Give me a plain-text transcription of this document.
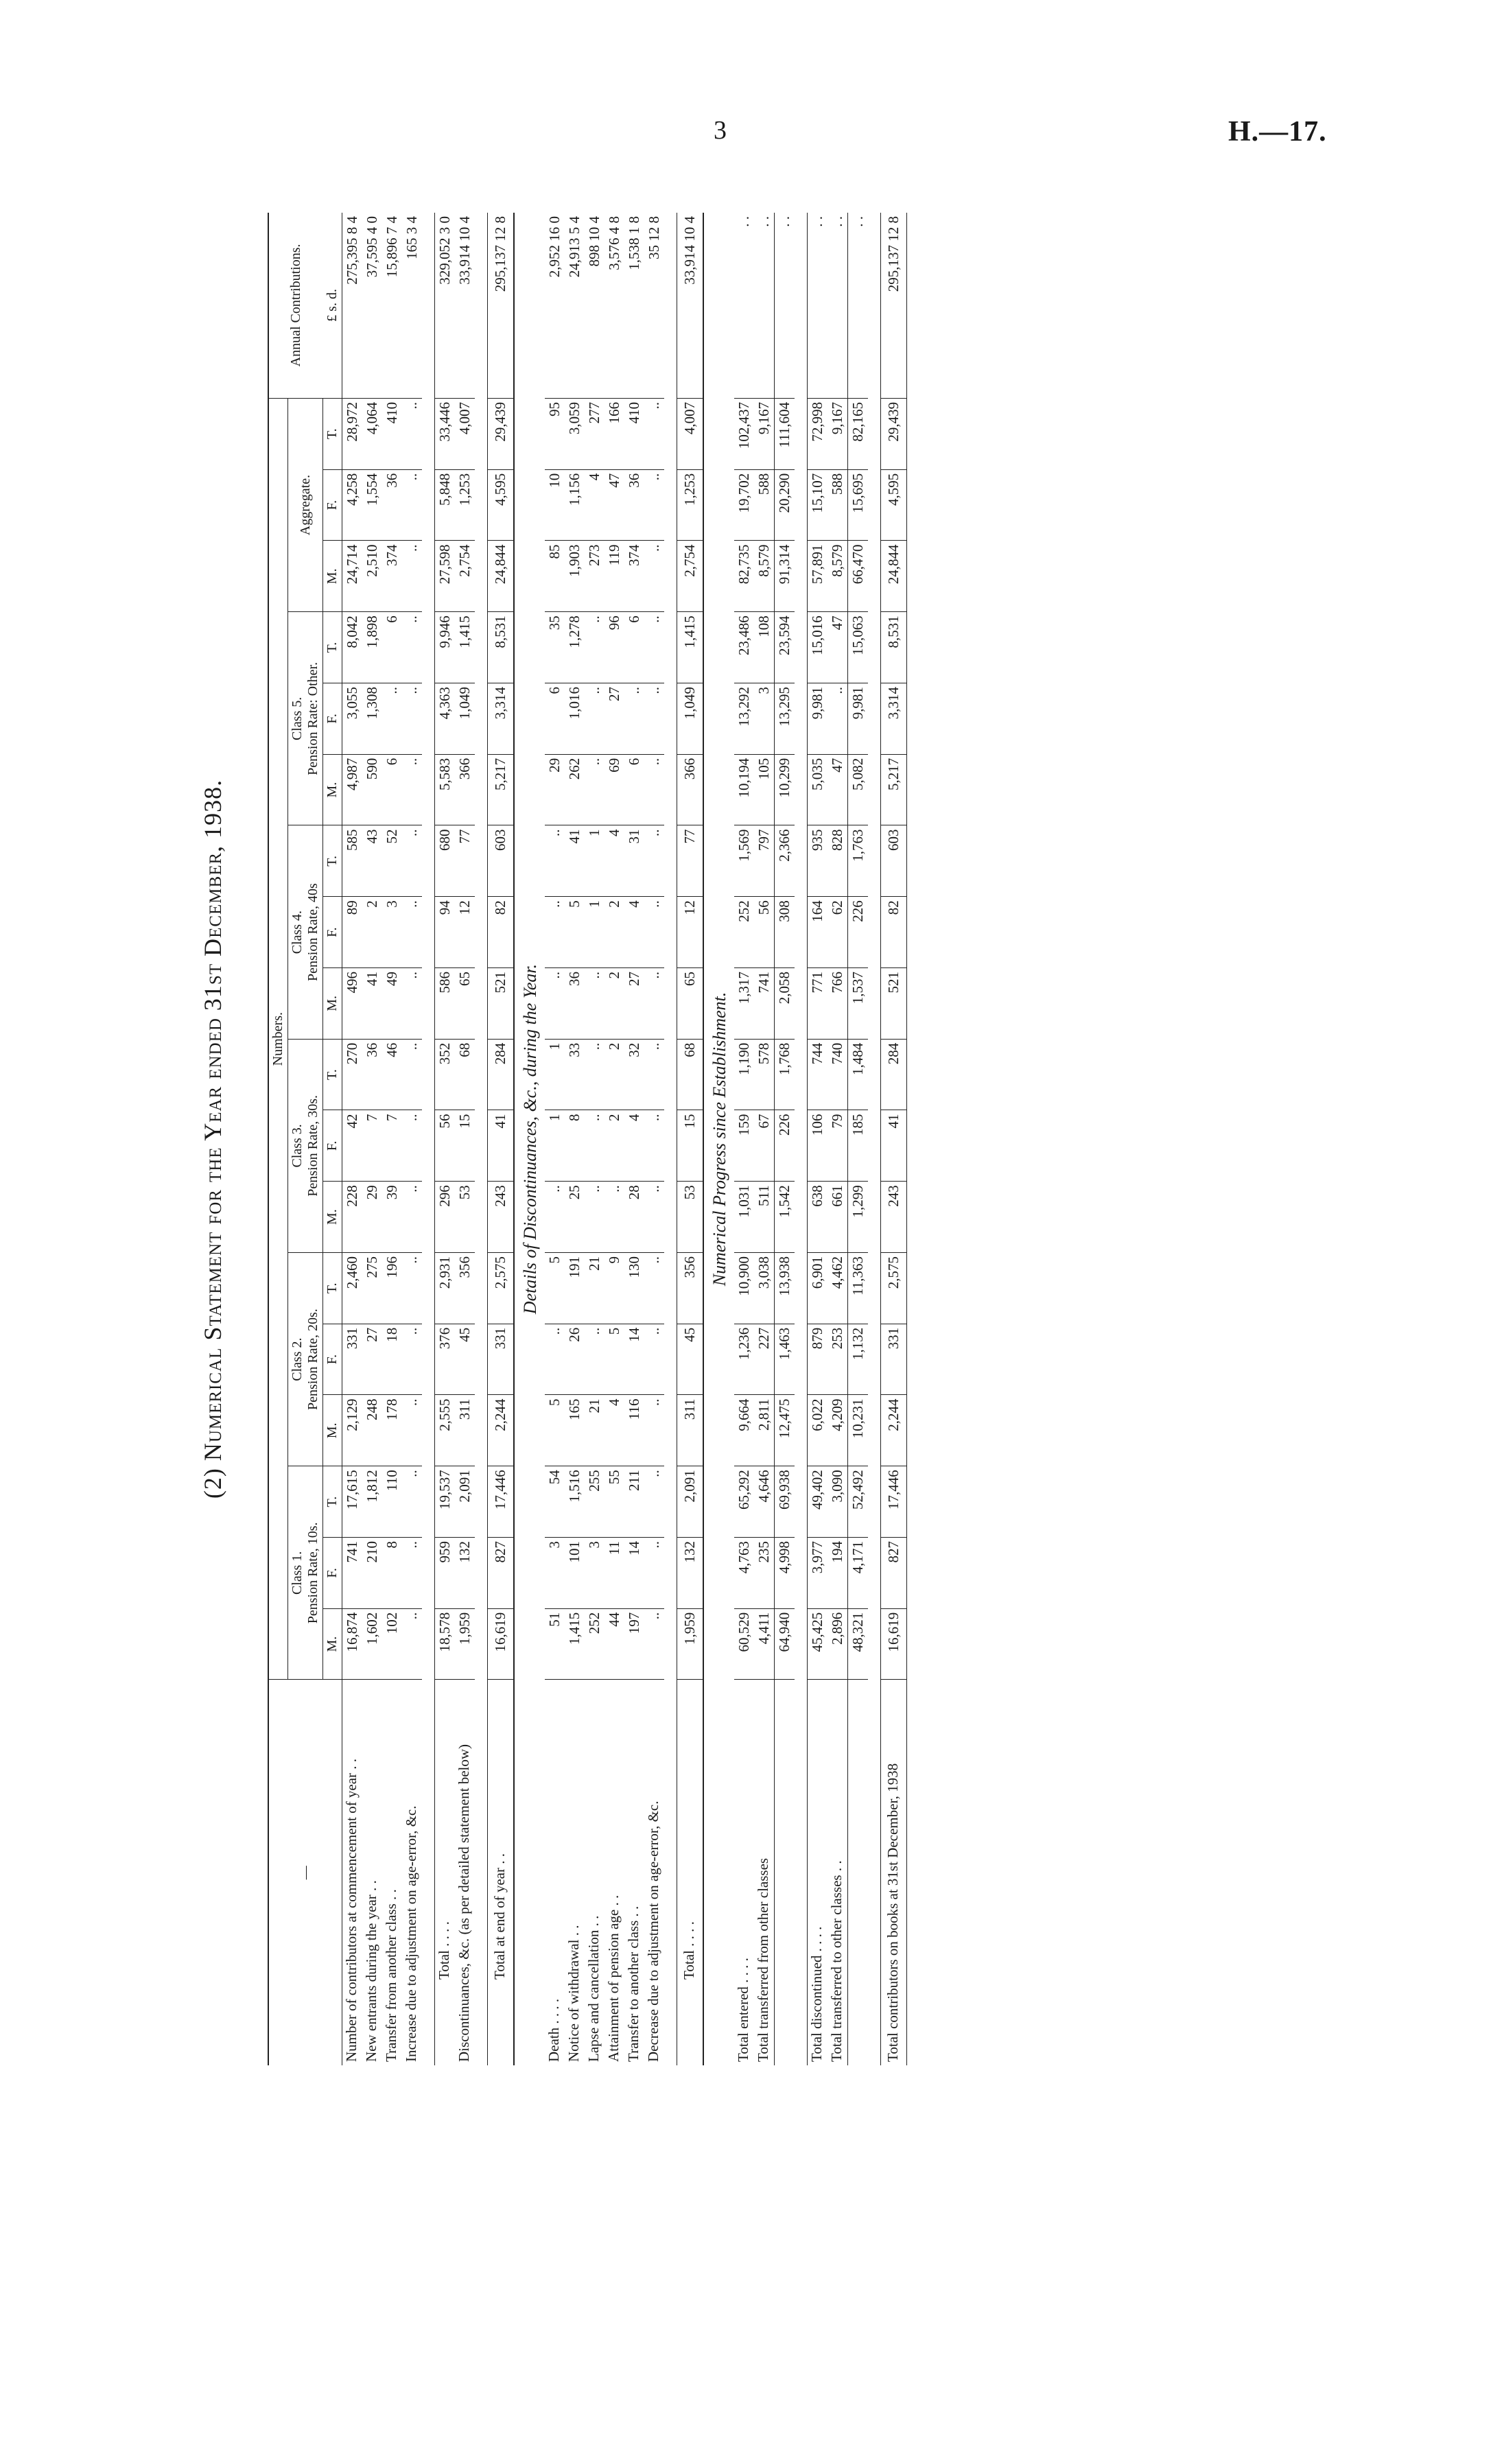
3	H.—17.
(2) Numerical Statement for the Year ended 31st December, 1938.
—	Numbers.																		Annual Contributions.
	Class 1.
Pension Rate, 10s.			Class 2.
Pension Rate, 20s.			Class 3.
Pension Rate, 30s.			Class 4.
Pension Rate, 40s			Class 5.
Pension Rate: Other.			Aggregate.			
	M.	F.	T.	M.	F.	T.	M.	F.	T.	M.	F.	T.	M.	F.	T.	M.	F.	T.	£ s. d.
Number of contributors at commencement of year . .	16,874	741	17,615	2,129	331	2,460	228	42	270	496	89	585	4,987	3,055	8,042	24,714	4,258	28,972	275,395 8 4
New entrants during the year . .	1,602	210	1,812	248	27	275	29	7	36	41	2	43	590	1,308	1,898	2,510	1,554	4,064	37,595 4 0
Transfer from another class . .	102	8	110	178	18	196	39	7	46	49	3	52	6	..	6	374	36	410	15,896 7 4
Increase due to adjustment on age-error, &c.	..	..	..	..	..	..	..	..	..	..	..	..	..	..	..	..	..	..	165 3 4

Total . . . .	18,578	959	19,537	2,555	376	2,931	296	56	352	586	94	680	5,583	4,363	9,946	27,598	5,848	33,446	329,052 3 0
Discontinuances, &c. (as per detailed statement below)	1,959	132	2,091	311	45	356	53	15	68	65	12	77	366	1,049	1,415	2,754	1,253	4,007	33,914 10 4

Total at end of year . .	16,619	827	17,446	2,244	331	2,575	243	41	284	521	82	603	5,217	3,314	8,531	24,844	4,595	29,439	295,137 12 8
Details of Discontinuances, &c., during the Year.																			
Death . . . .	51	3	54	5	..	5	..	1	1	..	..	..	29	6	35	85	10	95	2,952 16 0
Notice of withdrawal . .	1,415	101	1,516	165	26	191	25	8	33	36	5	41	262	1,016	1,278	1,903	1,156	3,059	24,913 5 4
Lapse and cancellation . .	252	3	255	21	..	21	..	..	..	..	1	1	..	..	..	273	4	277	898 10 4
Attainment of pension age . .	44	11	55	4	5	9	..	2	2	2	2	4	69	27	96	119	47	166	3,576 4 8
Transfer to another class . .	197	14	211	116	14	130	28	4	32	27	4	31	6	..	6	374	36	410	1,538 1 8
Decrease due to adjustment on age-error, &c.	..	..	..	..	..	..	..	..	..	..	..	..	..	..	..	..	..	..	35 12 8

Total . . . .	1,959	132	2,091	311	45	356	53	15	68	65	12	77	366	1,049	1,415	2,754	1,253	4,007	33,914 10 4
Numerical Progress since Establishment.																			
Total entered . . . .	60,529	4,763	65,292	9,664	1,236	10,900	1,031	159	1,190	1,317	252	1,569	10,194	13,292	23,486	82,735	19,702	102,437	. .
Total transferred from other classes	4,411	235	4,646	2,811	227	3,038	511	67	578	741	56	797	105	3	108	8,579	588	9,167	. .
	64,940	4,998	69,938	12,475	1,463	13,938	1,542	226	1,768	2,058	308	2,366	10,299	13,295	23,594	91,314	20,290	111,604	. .

Total discontinued . . . .	45,425	3,977	49,402	6,022	879	6,901	638	106	744	771	164	935	5,035	9,981	15,016	57,891	15,107	72,998	. .
Total transferred to other classes . .	2,896	194	3,090	4,209	253	4,462	661	79	740	766	62	828	47	..	47	8,579	588	9,167	. .
	48,321	4,171	52,492	10,231	1,132	11,363	1,299	185	1,484	1,537	226	1,763	5,082	9,981	15,063	66,470	15,695	82,165	. .

Total contributors on books at 31st December, 1938	16,619	827	17,446	2,244	331	2,575	243	41	284	521	82	603	5,217	3,314	8,531	24,844	4,595	29,439	295,137 12 8
